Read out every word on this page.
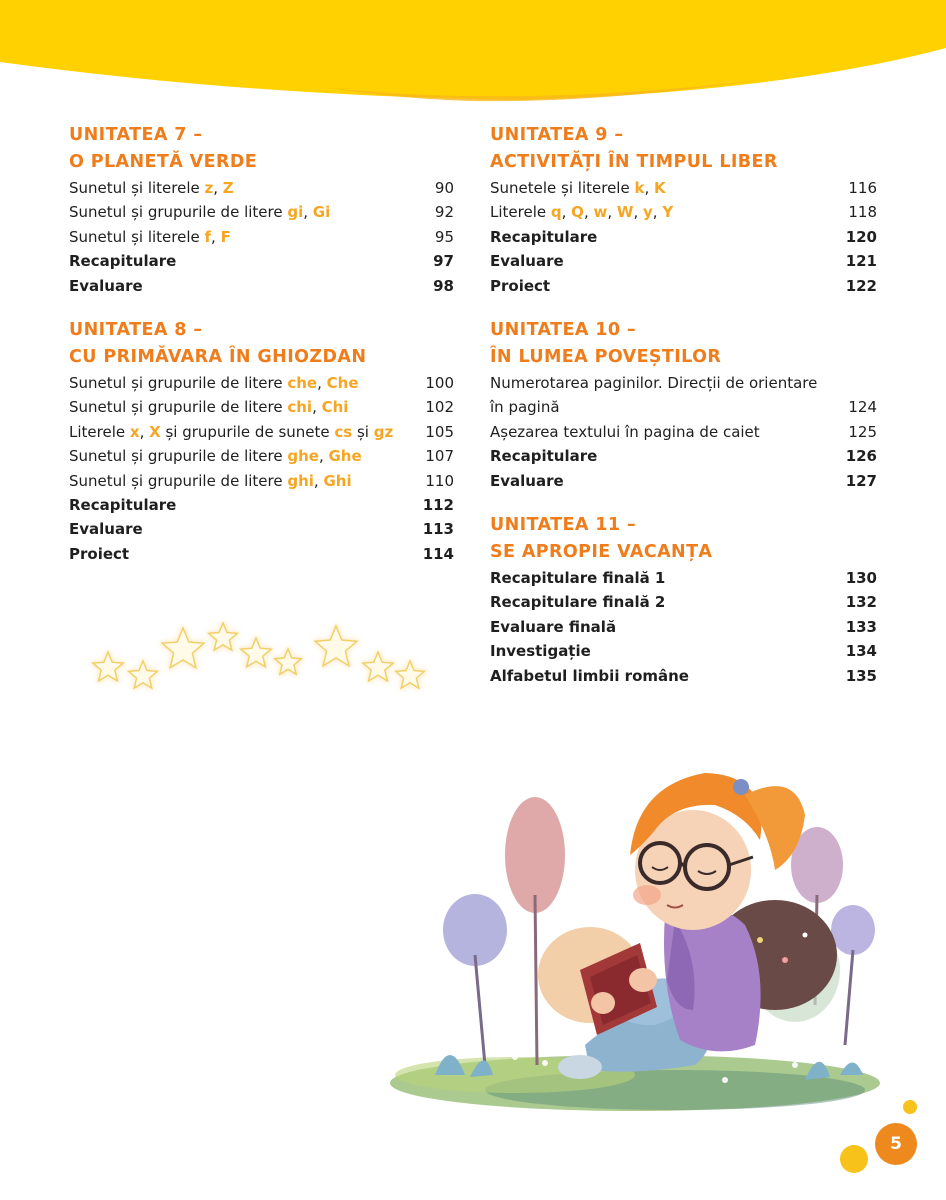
UNITATEA 7 –
O PLANETĂ VERDE
Sunetul și literele z, Z	90
Sunetul și grupurile de litere gi, Gi	92
Sunetul și literele f, F	95
Recapitulare	97
Evaluare	98
UNITATEA 8 –
CU PRIMĂVARA ÎN GHIOZDAN
Sunetul și grupurile de litere che, Che	100
Sunetul și grupurile de litere chi, Chi	102
Literele x, X și grupurile de sunete cs și gz 105
Sunetul și grupurile de litere ghe, Ghe	107
Sunetul și grupurile de litere ghi, Ghi	110
Recapitulare	112
Evaluare	113
Proiect	114
UNITATEA 9 –
ACTIVITĂȚI ÎN TIMPUL LIBER
Sunetele și literele k, K	116
Literele q, Q, w, W, y, Y	118
Recapitulare	120
Evaluare	121
Proiect	122
UNITATEA 10 –
ÎN LUMEA POVEȘTILOR
Numerotarea paginilor. Direcții de orientare
în pagină	124
Așezarea textului în pagina de caiet	125
Recapitulare	126
Evaluare	127
UNITATEA 11 –
SE APROPIE VACANȚA
Recapitulare finală 1	130
Recapitulare finală 2	132
Evaluare finală	133
Investigație	134
Alfabetul limbii române	135
5
